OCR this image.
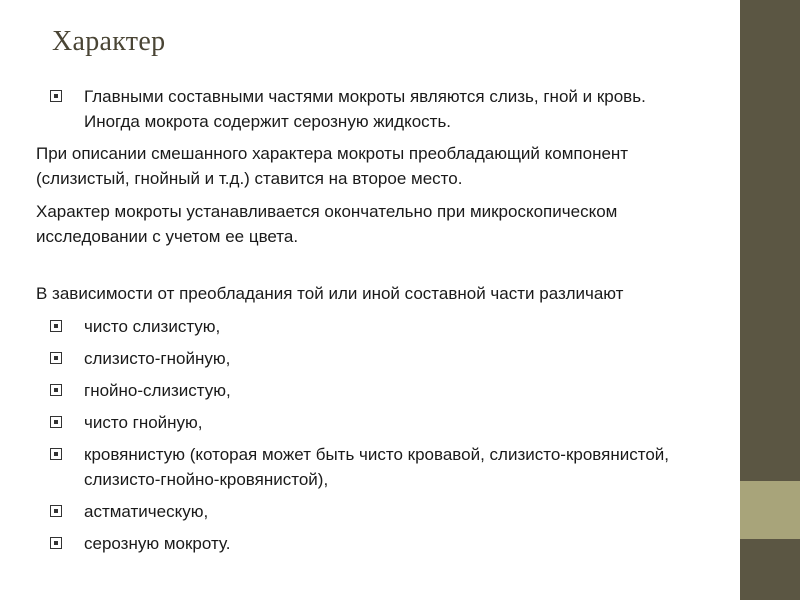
Характер
Главными составными частями мокроты являются слизь, гной и кровь. Иногда мокрота содержит серозную жидкость.
При описании смешанного характера мокроты преобладающий компонент (слизистый, гнойный и т.д.) ставится на второе место.
Характер мокроты устанавливается окончательно при микроскопическом исследовании с учетом ее цвета.
В зависимости от преобладания той или иной составной части различают
чисто слизистую,
слизисто-гнойную,
гнойно-слизистую,
чисто гнойную,
кровянистую (которая может быть чисто кровавой, слизисто-кровянистой, слизисто-гнойно-кровянистой),
астматическую,
серозную мокроту.
